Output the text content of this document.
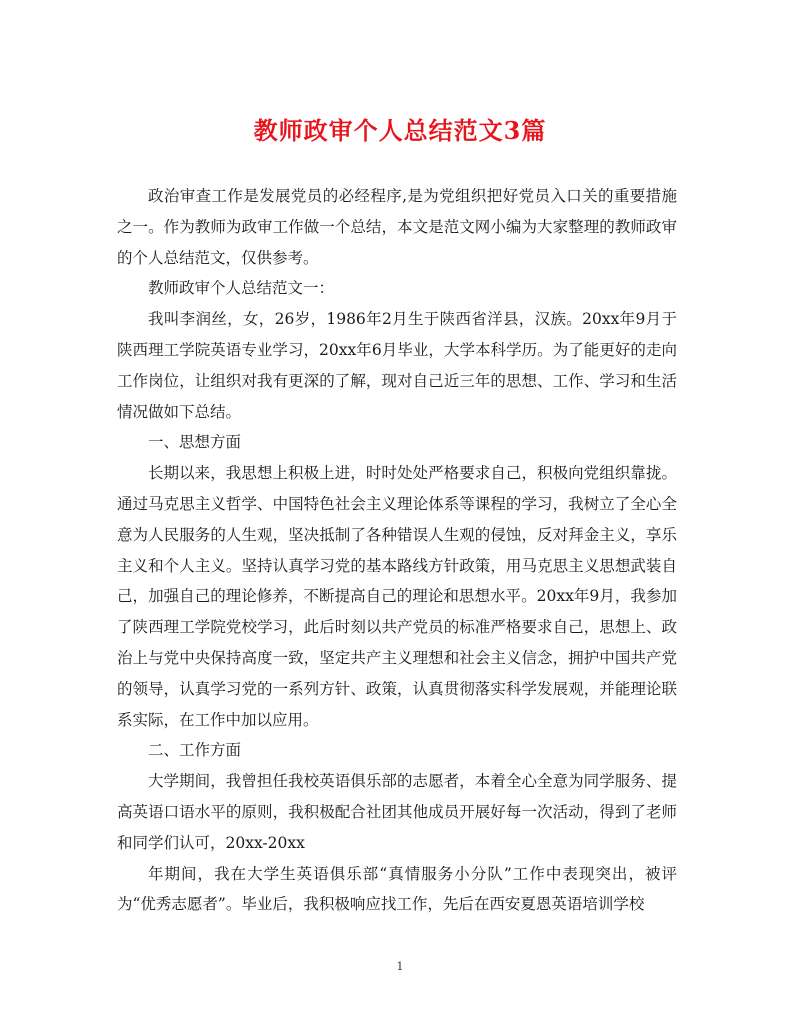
教师政审个人总结范文3篇

政治审查工作是发展党员的必经程序,是为党组织把好党员入口关的重要措施之一。作为教师为政审工作做一个总结，本文是范文网小编为大家整理的教师政审的个人总结范文，仅供参考。

教师政审个人总结范文一：

我叫李润丝，女，26岁，1986年2月生于陕西省洋县，汉族。20xx年9月于陕西理工学院英语专业学习，20xx年6月毕业，大学本科学历。为了能更好的走向工作岗位，让组织对我有更深的了解，现对自己近三年的思想、工作、学习和生活情况做如下总结。

一、思想方面

长期以来，我思想上积极上进，时时处处严格要求自己，积极向党组织靠拢。通过马克思主义哲学、中国特色社会主义理论体系等课程的学习，我树立了全心全意为人民服务的人生观，坚决抵制了各种错误人生观的侵蚀，反对拜金主义，享乐主义和个人主义。坚持认真学习党的基本路线方针政策，用马克思主义思想武装自己，加强自己的理论修养，不断提高自己的理论和思想水平。20xx年9月，我参加了陕西理工学院党校学习，此后时刻以共产党员的标准严格要求自己，思想上、政治上与党中央保持高度一致，坚定共产主义理想和社会主义信念，拥护中国共产党的领导，认真学习党的一系列方针、政策，认真贯彻落实科学发展观，并能理论联系实际，在工作中加以应用。

二、工作方面

大学期间，我曾担任我校英语俱乐部的志愿者，本着全心全意为同学服务、提高英语口语水平的原则，我积极配合社团其他成员开展好每一次活动，得到了老师和同学们认可，20xx-20xx

年期间，我在大学生英语俱乐部“真情服务小分队”工作中表现突出，被评为“优秀志愿者”。毕业后，我积极响应找工作，先后在西安夏恩英语培训学校

1
